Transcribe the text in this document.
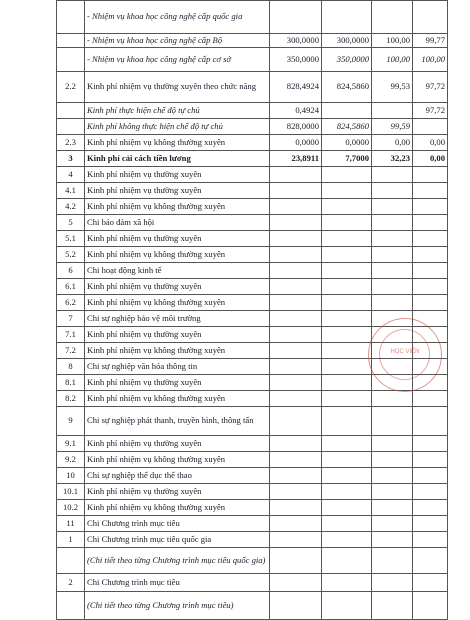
	- Nhiệm vụ khoa học công nghệ cấp quốc gia				
	- Nhiệm vụ khoa học công nghệ cấp Bộ	300,0000	300,0000	100,00	99,77
	- Nhiệm vụ khoa học công nghệ cấp cơ sở	350,0000	350,0000	100,00	100,00
2.2	Kinh phí nhiệm vụ thường xuyên theo chức năng	828,4924	824,5860	99,53	97,72
	Kinh phí thực hiện chế độ tự chủ	0,4924			97,72
	Kinh phí không thực hiện chế độ tự chủ	828,0000	824,5860	99,59	
2.3	Kinh phí nhiệm vụ không thường xuyên	0,0000	0,0000	0,00	0,00
3	Kinh phí cải cách tiền lương	23,8911	7,7000	32,23	0,00
4	Kinh phí nhiệm vụ thường xuyên				
4.1	Kinh phí nhiệm vụ thường xuyên				
4.2	Kinh phí nhiệm vụ không thường xuyên				
5	Chi bảo đảm xã hội				
5.1	Kinh phí nhiệm vụ thường xuyên				
5.2	Kinh phí nhiệm vụ không thường xuyên				
6	Chi hoạt động kinh tế				
6.1	Kinh phí nhiệm vụ thường xuyên				
6.2	Kinh phí nhiệm vụ không thường xuyên				
7	Chi sự nghiệp bảo vệ môi trường				
7.1	Kinh phí nhiệm vụ thường xuyên				
7.2	Kinh phí nhiệm vụ không thường xuyên				
8	Chi sự nghiệp văn hóa thông tin				
8.1	Kinh phí nhiệm vụ thường xuyên				
8.2	Kinh phí nhiệm vụ không thường xuyên				
9	Chi sự nghiệp phát thanh, truyền hình, thông tấn				
9.1	Kinh phí nhiệm vụ thường xuyên				
9.2	Kinh phí nhiệm vụ không thường xuyên				
10	Chi sự nghiệp thể dục thể thao				
10.1	Kinh phí nhiệm vụ thường xuyên				
10.2	Kinh phí nhiệm vụ không thường xuyên				
11	Chi Chương trình mục tiêu				
1	Chi Chương trình mục tiêu quốc gia				
	(Chi tiết theo từng Chương trình mục tiêu quốc gia)				
2	Chi Chương trình mục tiêu				
	(Chi tiết theo từng Chương trình mục tiêu)				
HỌC VIỆN
